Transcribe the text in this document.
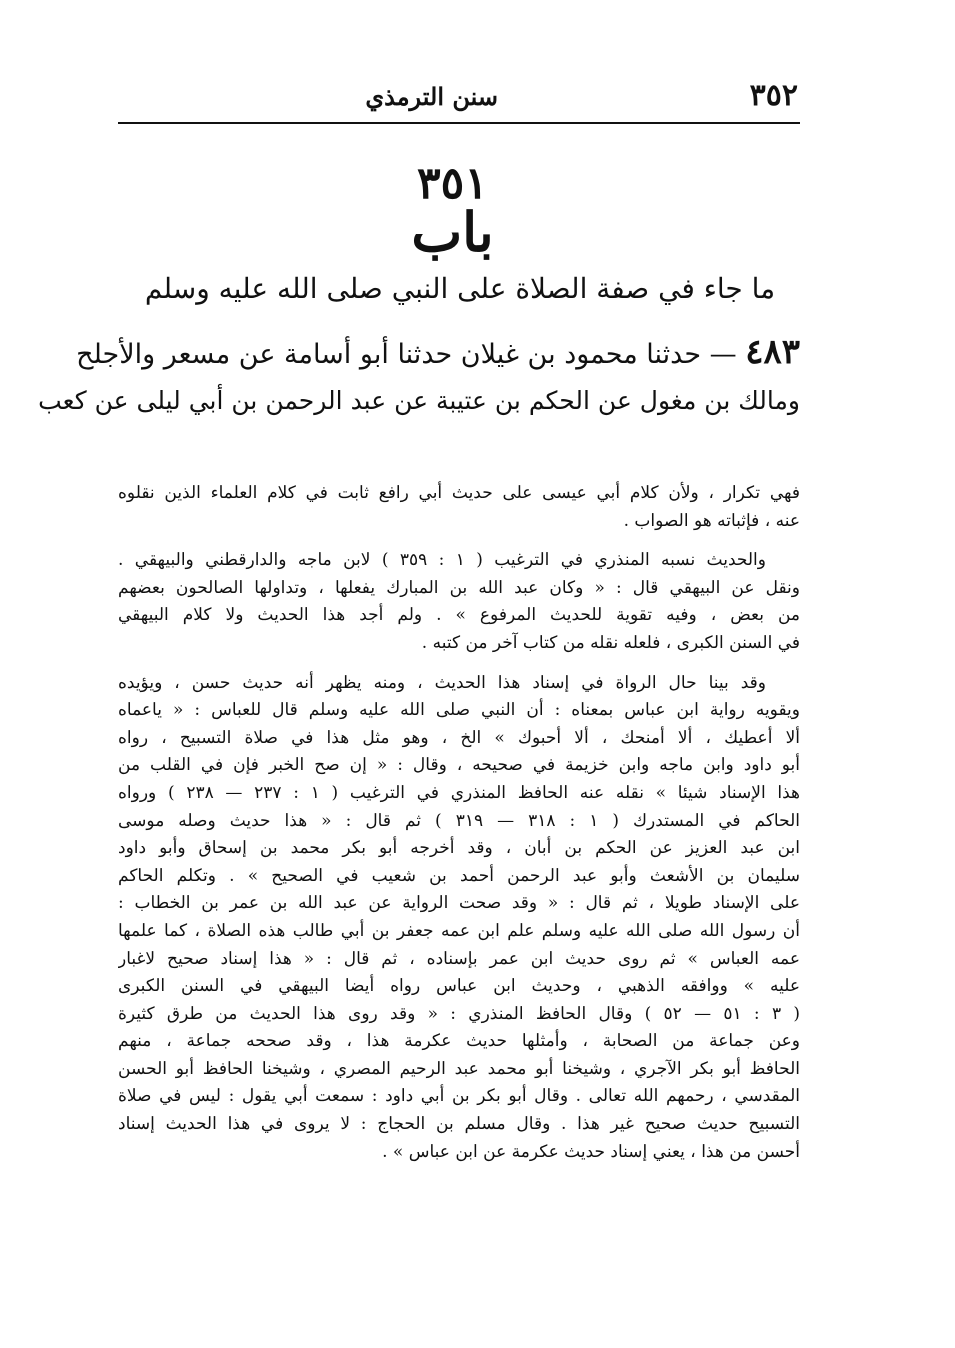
٣٥٢
سنن الترمذي
٣٥١
باب
ما جاء في صفة الصلاة على النبي صلى الله عليه وسلم
٤٨٣ — حدثنا محمود بن غيلان حدثنا أبو أسامة عن مسعر والأجلح
ومالك بن مغول عن الحكم بن عتيبة عن عبد الرحمن بن أبي ليلى عن كعب
فهي تكرار ، ولأن كلام أبي عيسى على حديث أبي رافع ثابت في كلام العلماء الذين نقلوه
عنه ، فإثباته هو الصواب .
والحديث نسبه المنذري في الترغيب ( ١ : ٣٥٩ ) لابن ماجه والدارقطني والبيهقي .
ونقل عن البيهقي قال : « وكان عبد الله بن المبارك يفعلها ، وتداولها الصالحون بعضهم
من بعض ، وفيه تقوية للحديث المرفوع » . ولم أجد هذا الحديث ولا كلام البيهقي
في السنن الكبرى ، فلعله نقله من كتاب آخر من كتبه .
وقد بينا حال الرواة في إسناد هذا الحديث ، ومنه يظهر أنه حديث حسن ، ويؤيده
ويقويه رواية ابن عباس بمعناه : أن النبي صلى الله عليه وسلم قال للعباس : « ياعماه
ألا أعطيك ، ألا أمنحك ، ألا أحبوك » الخ ، وهو مثل هذا في صلاة التسبيح ، رواه
أبو داود وابن ماجه وابن خزيمة في صحيحه ، وقال : « إن صح الخبر فإن في القلب من
هذا الإسناد شيئا » نقله عنه الحافظ المنذري في الترغيب ( ١ : ٢٣٧ — ٢٣٨ ) ورواه
الحاكم في المستدرك ( ١ : ٣١٨ — ٣١٩ ) ثم قال : « هذا حديث وصله موسى
ابن عبد العزيز عن الحكم بن أبان ، وقد أخرجه أبو بكر محمد بن إسحاق وأبو داود
سليمان بن الأشعث وأبو عبد الرحمن أحمد بن شعيب في الصحيح » . وتكلم الحاكم
على الإسناد طويلا ، ثم قال : « وقد صحت الرواية عن عبد الله بن عمر بن الخطاب :
أن رسول الله صلى الله عليه وسلم علم ابن عمه جعفر بن أبي طالب هذه الصلاة ، كما علمها
عمه العباس » ثم روى حديث ابن عمر بإسناده ، ثم قال : « هذا إسناد صحيح لاغبار
عليه » ووافقه الذهبي ، وحديث ابن عباس رواه أيضا البيهقي في السنن الكبرى
( ٣ : ٥١ — ٥٢ ) وقال الحافظ المنذري : « وقد روى هذا الحديث من طرق كثيرة
وعن جماعة من الصحابة ، وأمثلها حديث عكرمة هذا ، وقد صححه جماعة ، منهم
الحافظ أبو بكر الآجري ، وشيخنا أبو محمد عبد الرحيم المصري ، وشيخنا الحافظ أبو الحسن
المقدسي ، رحمهم الله تعالى . وقال أبو بكر بن أبي داود : سمعت أبي يقول : ليس في صلاة
التسبيح حديث صحيح غير هذا . وقال مسلم بن الحجاج : لا يروى في هذا الحديث إسناد
أحسن من هذا ، يعني إسناد حديث عكرمة عن ابن عباس » .
